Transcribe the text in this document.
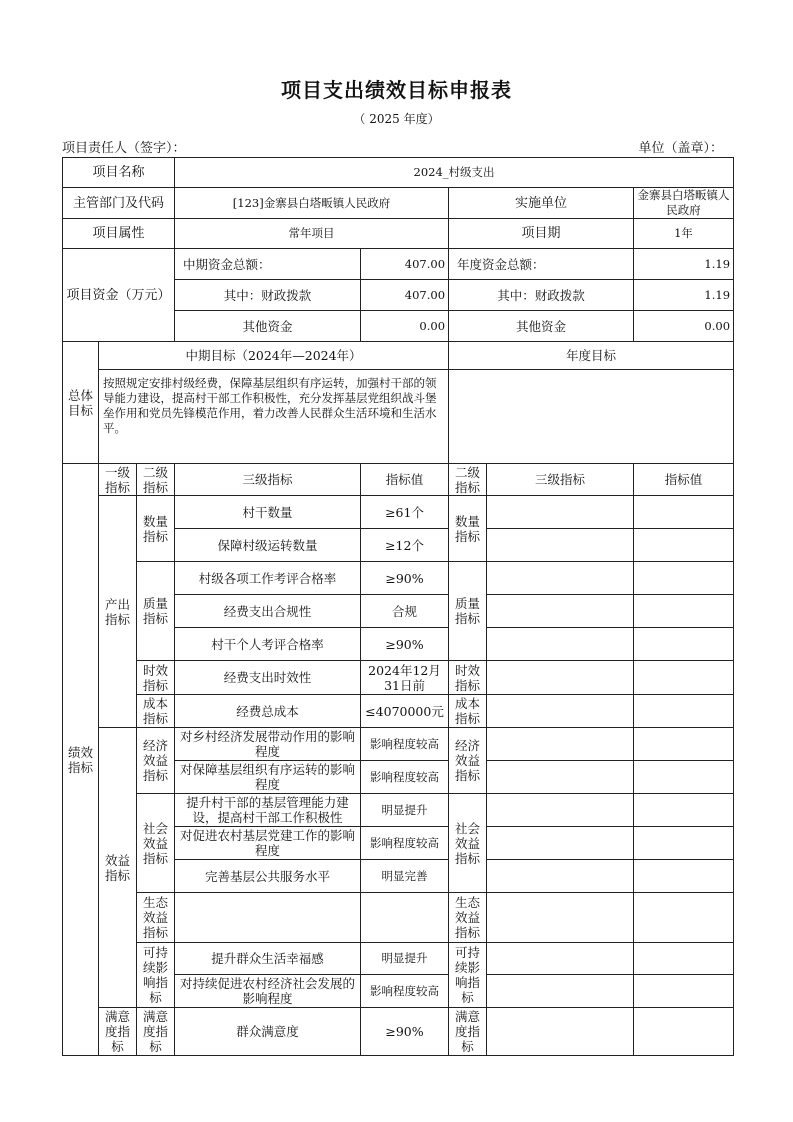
项目支出绩效目标申报表
（ 2025 年度）
项目责任人（签字）：	单位（盖章）：
项目名称			2024_村级支出				
主管部门及代码			[123]金寨县白塔畈镇人民政府		实施单位		金寨县白塔畈镇人民政府
项目属性			常年项目		项目期		1年
项目资金（万元）			中期资金总额：	407.00	年度资金总额：		1.19
			其中：财政拨款	407.00	其中：财政拨款		1.19
			其他资金	0.00	其他资金		0.00
总体目标	中期目标（2024年—2024年）				年度目标		
	按照规定安排村级经费，保障基层组织有序运转，加强村干部的领导能力建设，提高村干部工作积极性，充分发挥基层党组织战斗堡垒作用和党员先锋模范作用，着力改善人民群众生活环境和生活水平。						
绩效指标	一级指标	二级指标	三级指标	指标值	二级指标	三级指标	指标值
	产出指标	数量指标	村干数量	≥61个	数量指标		
			保障村级运转数量	≥12个			
		质量指标	村级各项工作考评合格率	≥90%	质量指标		
			经费支出合规性	合规			
			村干个人考评合格率	≥90%			
		时效指标	经费支出时效性	2024年12月31日前	时效指标		
		成本指标	经费总成本	≤4070000元	成本指标		
	效益指标	经济效益指标	对乡村经济发展带动作用的影响程度	影响程度较高	经济效益指标		
			对保障基层组织有序运转的影响程度	影响程度较高			
		社会效益指标	提升村干部的基层管理能力建设，提高村干部工作积极性	明显提升	社会效益指标		
			对促进农村基层党建工作的影响程度	影响程度较高			
			完善基层公共服务水平	明显完善			
		生态效益指标			生态效益指标		
		可持续影响指标	提升群众生活幸福感	明显提升	可持续影响指标		
			对持续促进农村经济社会发展的影响程度	影响程度较高			
	满意度指标	满意度指标	群众满意度	≥90%	满意度指标		
